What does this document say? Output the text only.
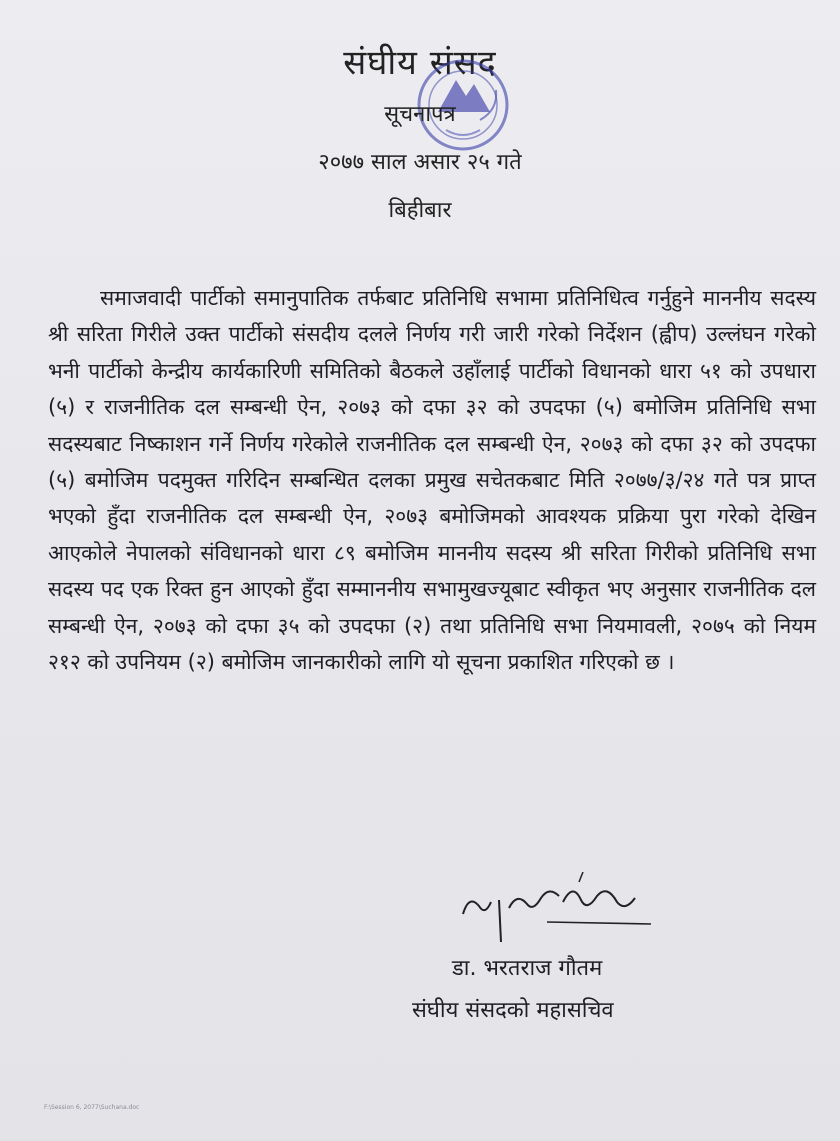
संघीय संसद
सूचनापत्र
२०७७ साल असार २५ गते
बिहीबार
समाजवादी पार्टीको समानुपातिक तर्फबाट प्रतिनिधि सभामा प्रतिनिधित्व गर्नुहुने माननीय सदस्य श्री सरिता गिरीले उक्त पार्टीको संसदीय दलले निर्णय गरी जारी गरेको निर्देशन (ह्वीप) उल्लंघन गरेको भनी पार्टीको केन्द्रीय कार्यकारिणी समितिको बैठकले उहाँलाई पार्टीको विधानको धारा ५१ को उपधारा (५) र राजनीतिक दल सम्बन्धी ऐन, २०७३ को दफा ३२ को उपदफा (५) बमोजिम प्रतिनिधि सभा सदस्यबाट निष्काशन गर्ने निर्णय गरेकोले राजनीतिक दल सम्बन्धी ऐन, २०७३ को दफा ३२ को उपदफा (५) बमोजिम पदमुक्त गरिदिन सम्बन्धित दलका प्रमुख सचेतकबाट मिति २०७७/३/२४ गते पत्र प्राप्त भएको हुँदा राजनीतिक दल सम्बन्धी ऐन, २०७३ बमोजिमको आवश्यक प्रक्रिया पुरा गरेको देखिन आएकोले नेपालको संविधानको धारा ८९ बमोजिम माननीय सदस्य श्री सरिता गिरीको प्रतिनिधि सभा सदस्य पद एक रिक्त हुन आएको हुँदा सम्माननीय सभामुखज्यूबाट स्वीकृत भए अनुसार राजनीतिक दल सम्बन्धी ऐन, २०७३ को दफा ३५ को उपदफा (२) तथा प्रतिनिधि सभा नियमावली, २०७५ को नियम २१२ को उपनियम (२) बमोजिम जानकारीको लागि यो सूचना प्रकाशित गरिएको छ ।
डा. भरतराज गौतम
संघीय संसदको महासचिव
F:\Session 6, 2077\Suchana.doc
